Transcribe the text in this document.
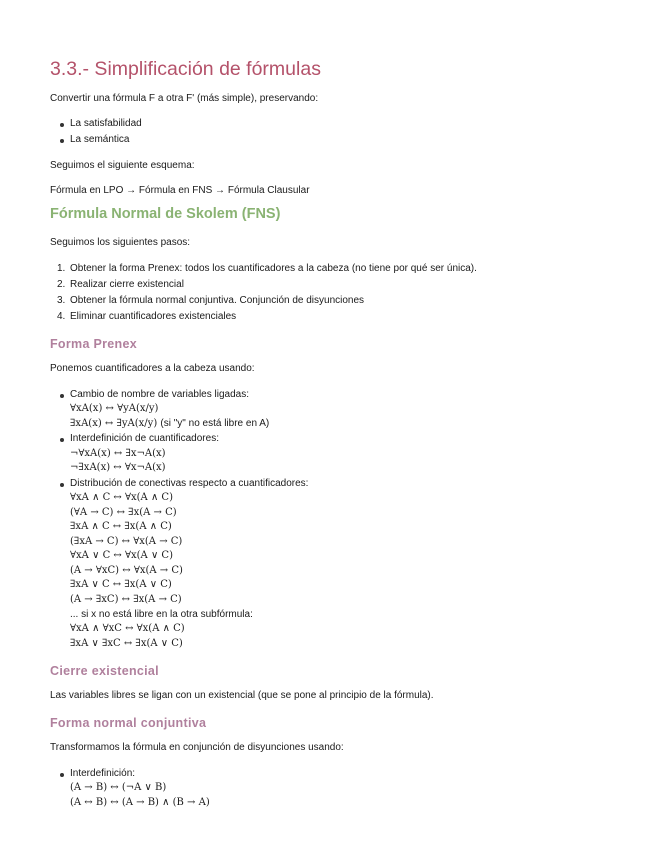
3.3.- Simplificación de fórmulas
Convertir una fórmula F a otra F' (más simple), preservando:
La satisfabilidad
La semántica
Seguimos el siguiente esquema:
Fórmula en LPO → Fórmula en FNS → Fórmula Clausular
Fórmula Normal de Skolem (FNS)
Seguimos los siguientes pasos:
1. Obtener la forma Prenex: todos los cuantificadores a la cabeza (no tiene por qué ser única).
2. Realizar cierre existencial
3. Obtener la fórmula normal conjuntiva. Conjunción de disyunciones
4. Eliminar cuantificadores existenciales
Forma Prenex
Ponemos cuantificadores a la cabeza usando:
Cambio de nombre de variables ligadas:
∀xA(x) ↔ ∀yA(x/y)
∃xA(x) ↔ ∃yA(x/y) (si "y" no está libre en A)
Interdefinición de cuantificadores:
¬∀xA(x) ↔ ∃x¬A(x)
¬∃xA(x) ↔ ∀x¬A(x)
Distribución de conectivas respecto a cuantificadores:
∀xA ∧ C ↔ ∀x(A ∧ C)
(∀A → C) ↔ ∃x(A → C)
∃xA ∧ C ↔ ∃x(A ∧ C)
(∃xA → C) ↔ ∀x(A → C)
∀xA ∨ C ↔ ∀x(A ∨ C)
(A → ∀xC) ↔ ∀x(A → C)
∃xA ∨ C ↔ ∃x(A ∨ C)
(A → ∃xC) ↔ ∃x(A → C)
... si x no está libre en la otra subfórmula:
∀xA ∧ ∀xC ↔ ∀x(A ∧ C)
∃xA ∨ ∃xC ↔ ∃x(A ∨ C)
Cierre existencial
Las variables libres se ligan con un existencial (que se pone al principio de la fórmula).
Forma normal conjuntiva
Transformamos la fórmula en conjunción de disyunciones usando:
Interdefinición:
(A → B) ↔ (¬A ∨ B)
(A ↔ B) ↔ (A → B) ∧ (B → A)
